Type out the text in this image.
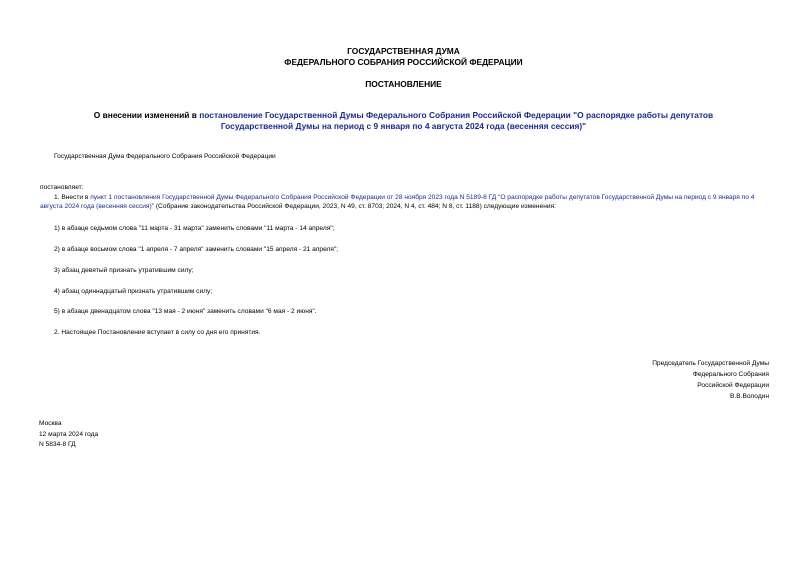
ГОСУДАРСТВЕННАЯ ДУМА
ФЕДЕРАЛЬНОГО СОБРАНИЯ РОССИЙСКОЙ ФЕДЕРАЦИИ
ПОСТАНОВЛЕНИЕ
О внесении изменений в постановление Государственной Думы Федерального Собрания Российской Федерации "О распорядке работы депутатов
Государственной Думы на период с 9 января по 4 августа 2024 года (весенняя сессия)"
Государственная Дума Федерального Собрания Российской Федерации
постановляет:
1. Внести в пункт 1 постановления Государственной Думы Федерального Собрания Российской Федерации от 28 ноября 2023 года N 5189-8 ГД "О распорядке работы депутатов Государственной Думы на период с 9 января по 4 августа 2024 года (весенняя сессия)" (Собрание законодательства Российской Федерации, 2023, N 49, ст. 8703; 2024, N 4, ст. 484; N 8, ст. 1188) следующие изменения:
1) в абзаце седьмом слова "11 марта - 31 марта" заменить словами "11 марта - 14 апреля";
2) в абзаце восьмом слова "1 апреля - 7 апреля" заменить словами "15 апреля - 21 апреля";
3) абзац девятый признать утратившим силу;
4) абзац одиннадцатый признать утратившим силу;
5) в абзаце двенадцатом слова "13 мая - 2 июня" заменить словами "6 мая - 2 июня".
2. Настоящее Постановление вступает в силу со дня его принятия.
Председатель Государственной Думы
Федерального Собрания
Российской Федерации
В.В.Володин
Москва
12 марта 2024 года
N 5834-8 ГД
